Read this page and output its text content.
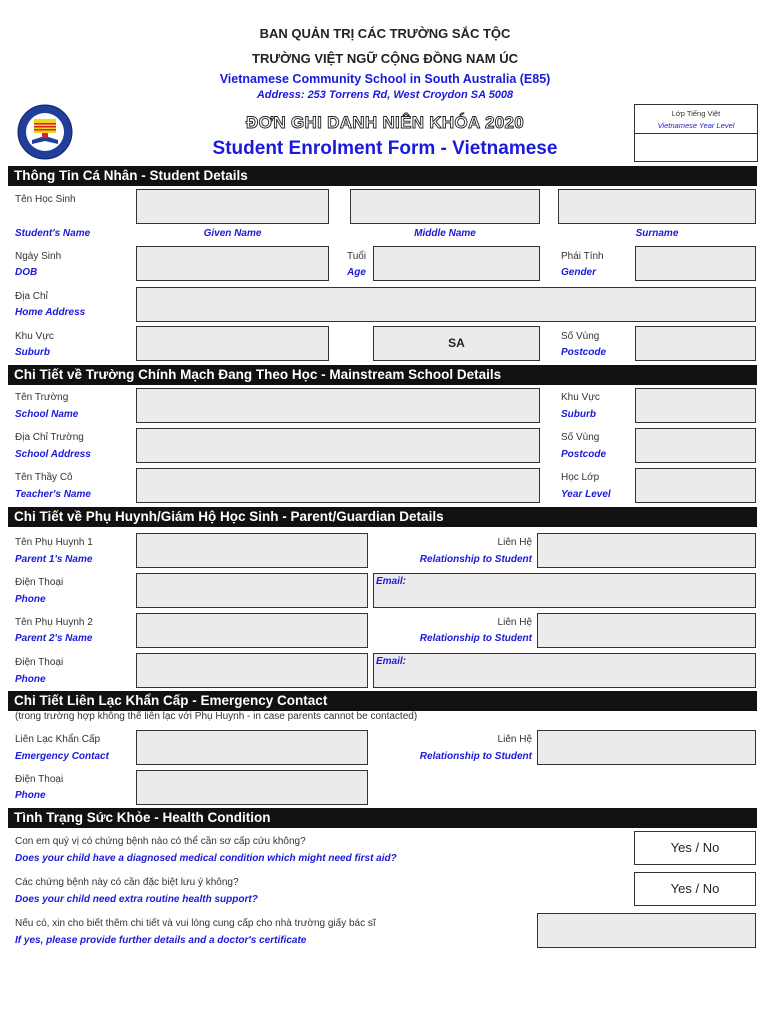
BAN QUẢN TRỊ CÁC TRƯỜNG SẮC TỘC
TRƯỜNG VIỆT NGỮ CỘNG ĐỒNG NAM ÚC
Vietnamese Community School in South Australia (E85)
Address: 253 Torrens Rd, West Croydon SA 5008
ĐƠN GHI DANH NIÊN KHÓA 2020
Student Enrolment Form - Vietnamese
Lớp Tiếng Việt
Vietnamese Year Level
Thông Tin Cá Nhân - Student Details
Tên Học Sinh
Student's Name	Given Name	Middle Name	Surname
Ngày Sinh
DOB
Tuổi
Age
Phái Tính
Gender
Địa Chỉ
Home Address
Khu Vực
Suburb
SA	Số Vùng
Postcode
Chi Tiết về Trường Chính Mạch Đang Theo Học - Mainstream School Details
Tên Trường
School Name
Khu Vực
Suburb
Địa Chỉ Trường
School Address
Số Vùng
Postcode
Tên Thầy Cô
Teacher's Name
Học Lớp
Year Level
Chi Tiết về Phụ Huynh/Giám Hộ Học Sinh - Parent/Guardian Details
Tên Phụ Huynh 1
Parent 1's Name
Liên Hệ
Relationship to Student
Điện Thoại
Phone
Email:
Tên Phụ Huynh 2
Parent 2's Name
Liên Hệ
Relationship to Student
Điện Thoại
Phone
Email:
Chi Tiết Liên Lạc Khẩn Cấp - Emergency Contact
(trong trường hợp không thể liên lạc với Phụ Huynh - in case parents cannot be contacted)
Liên Lạc Khẩn Cấp
Emergency Contact
Liên Hệ
Relationship to Student
Điện Thoại
Phone
Tình Trạng Sức Khỏe - Health Condition
Con em quý vị có chứng bệnh nào có thể cần sơ cấp cứu không?
Does your child have a diagnosed medical condition which might need first aid?
Yes / No
Các chứng bệnh này có cần đặc biệt lưu ý không?
Does your child need extra routine health support?
Yes / No
Nếu có, xin cho biết thêm chi tiết và vui lòng cung cấp cho nhà trường giấy bác sĩ
If yes, please provide further details and a doctor's certificate
